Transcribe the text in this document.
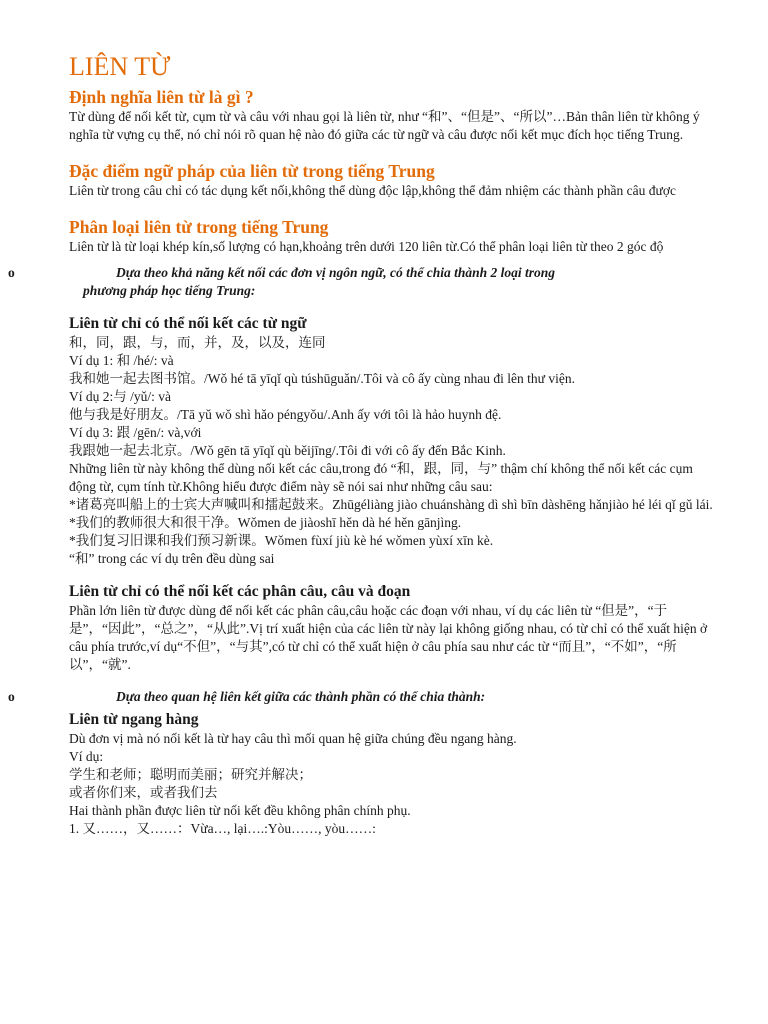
LIÊN TỪ

Định nghĩa liên từ là gì ?

Từ dùng để nối kết từ, cụm từ và câu với nhau gọi là liên từ, như “和”、“但是”、“所以”…Bản thân liên từ không ý nghĩa từ vựng cụ thể, nó chỉ nói rõ quan hệ nào đó giữa các từ ngữ và câu được nối kết mục đích học tiếng Trung.

Đặc điểm ngữ pháp của liên từ trong tiếng Trung

Liên từ trong câu chỉ có tác dụng kết nối,không thể dùng độc lập,không thể đảm nhiệm các thành phần câu được

Phân loại liên từ trong tiếng Trung

Liên từ là từ loại khép kín,số lượng có hạn,khoảng trên dưới 120 liên từ.Có thể phân loại liên từ theo 2 góc độ

o	Dựa theo khả năng kết nối các đơn vị ngôn ngữ, có thể chia thành 2 loại trong
phương pháp học tiếng Trung:

Liên từ chỉ có thể nối kết các từ ngữ

和，同，跟，与，而，并，及，以及，连同

Ví dụ 1: 和 /hé/: và

我和她一起去图书馆。/Wǒ hé tā yīqǐ qù túshūguǎn/.Tôi và cô ấy cùng nhau đi lên thư viện.

Ví dụ 2:与 /yǔ/: và

他与我是好朋友。/Tā yǔ wǒ shì hǎo péngyǒu/.Anh ấy với tôi là hảo huynh đệ.

Ví dụ 3: 跟 /gēn/: và,với

我跟她一起去北京。/Wǒ gēn tā yīqǐ qù běijīng/.Tôi đi với cô ấy đến Bắc Kinh.

Những liên từ này không thể dùng nối kết các câu,trong đó “和，跟，同，与” thậm chí không thể nối kết các cụm động từ, cụm tính từ.Không hiểu được điểm này sẽ nói sai như những câu sau:

*诸葛亮叫船上的士宾大声喊叫和擂起鼓来。Zhūgéliàng jiào chuánshàng dì shì bīn dàshēng hǎnjiào hé léi qǐ gǔ lái.

*我们的教师很大和很干净。Wǒmen de jiàoshī hěn dà hé hěn gānjìng.

*我们复习旧课和我们预习新课。Wǒmen fùxí jiù kè hé wǒmen yùxí xīn kè.

“和” trong các ví dụ trên đều dùng sai

Liên từ chỉ có thể nối kết các phân câu, câu và đoạn

Phần lớn liên từ được dùng để nối kết các phân câu,câu hoặc các đoạn với nhau, ví dụ các liên từ “但是”，“于是”，“因此”，“总之”，“从此”.Vị trí xuất hiện của các liên từ này lại không giống nhau, có từ chỉ có thể xuất hiện ở câu phía trước,ví dụ“不但”，“与其”,có từ chỉ có thể xuất hiện ở câu phía sau như các từ “而且”，“不如”，“所以”，“就”.

o	Dựa theo quan hệ liên kết giữa các thành phần có thể chia thành:

Liên từ ngang hàng

Dù đơn vị mà nó nối kết là từ hay câu thì mối quan hệ giữa chúng đều ngang hàng.

Ví dụ:

学生和老师；聪明而美丽；研究并解决；

或者你们来，或者我们去

Hai thành phần được liên từ nối kết đều không phân chính phụ.

1. 又……，又……：Vừa…, lại….:Yòu……, yòu……:
